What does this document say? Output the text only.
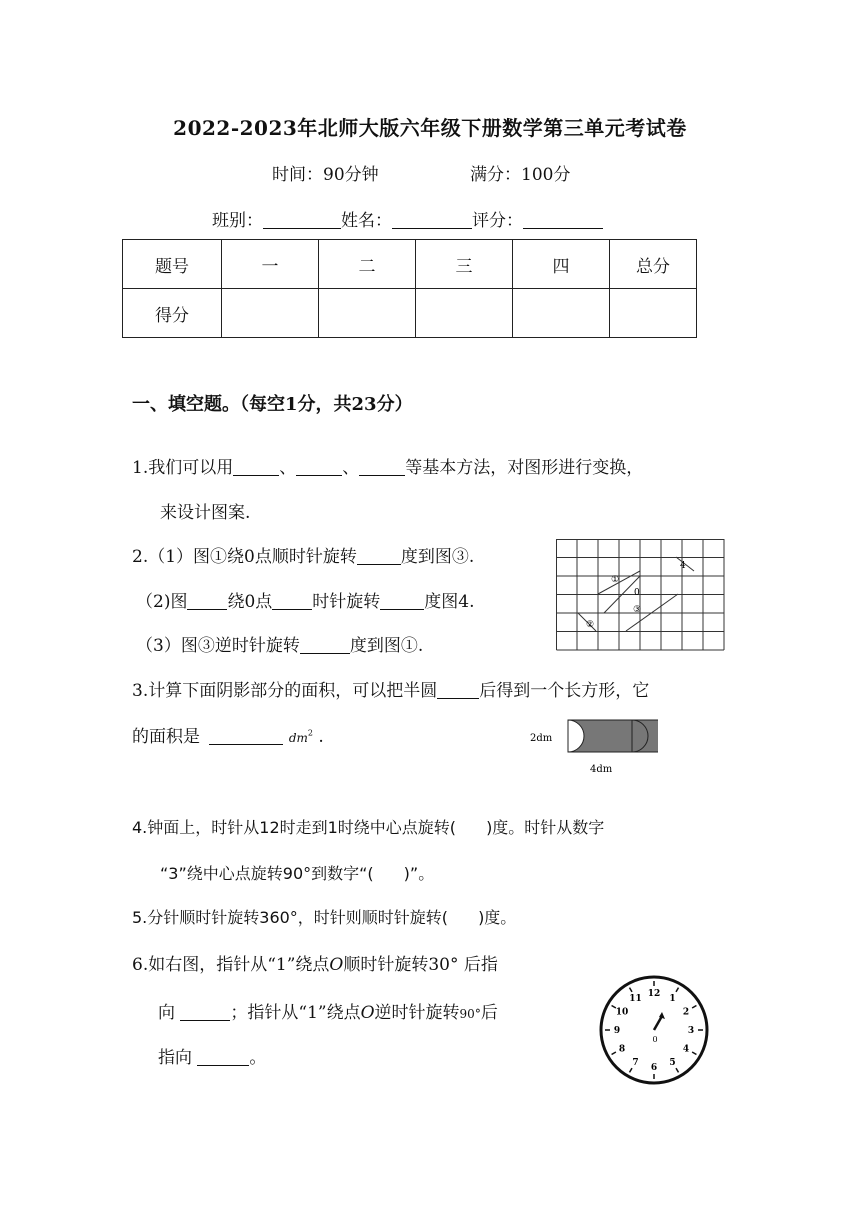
2022-2023年北师大版六年级下册数学第三单元考试卷
时间：90分钟	满分：100分
班别：	姓名：	评分：
题号	一	二	三	四	总分
得分					
一、填空题。（每空1分，共23分）
1.我们可以用	、	、	等基本方法，对图形进行变换，
来设计图案.
2.（1）图①绕0点顺时针旋转	度到图③.
（2)图 绕0点 时针旋转	度图4.
（3）图③逆时针旋转	度到图①.
①
②
③
4
0
3.计算下面阴影部分的面积，可以把半圆 后得到一个长方形，它
的面积是	$dm^2$ .	2dm
4dm
4.钟面上，时针从12时走到1时绕中心点旋转( )度。时针从数字
“3”绕中心点旋转90°到数字“( )”。
5.分针顺时针旋转360°，时针则顺时针旋转( )度。
6.如右图，指针从“1”绕点O顺时针旋转30° 后指
向	；指针从“1”绕点O逆时针旋转90°后
指向	。
12 1
2
3
4
5
6
7
8
9
10
11
0
